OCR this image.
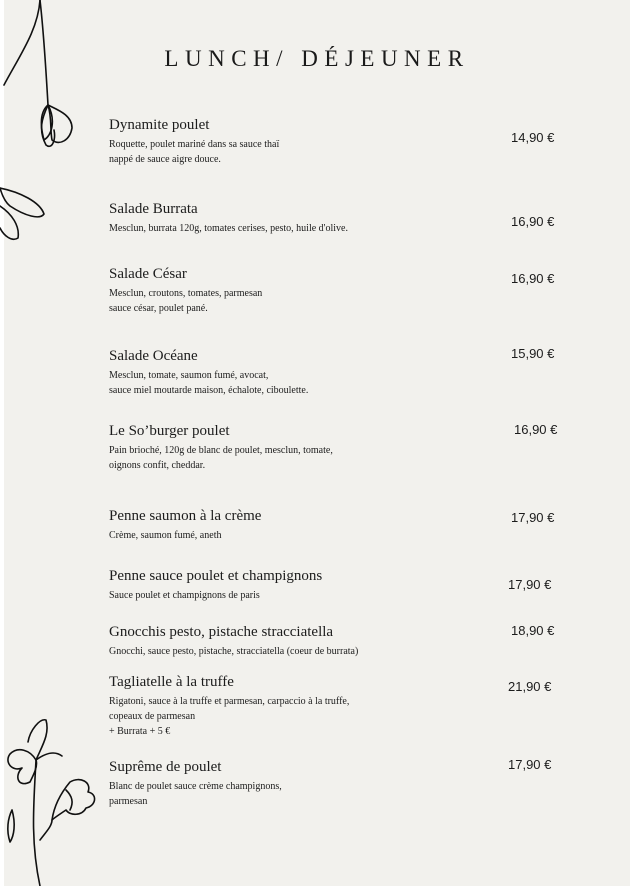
LUNCH/ DÉJEUNER
Dynamite poulet
Roquette, poulet mariné dans sa sauce thaï
nappé de sauce aigre douce.
14,90 €
Salade Burrata
Mesclun, burrata 120g, tomates cerises, pesto, huile d'olive.	16,90 €
Salade César
Mesclun, croutons, tomates, parmesan
sauce césar, poulet pané.
16,90 €
Salade Océane
Mesclun, tomate, saumon fumé, avocat,
sauce miel moutarde maison, échalote, ciboulette.
15,90 €
Le So’burger poulet
Pain brioché, 120g de blanc de poulet, mesclun, tomate,
oignons confit, cheddar.
16,90 €
Penne saumon à la crème
Crème, saumon fumé, aneth
17,90 €
Penne sauce poulet et champignons
Sauce poulet et champignons de paris
17,90 €
Gnocchis pesto, pistache stracciatella
Gnocchi, sauce pesto, pistache, stracciatella (coeur de burrata)
18,90 €
Tagliatelle à la truffe
Rigatoni, sauce à la truffe et parmesan, carpaccio à la truffe,
copeaux de parmesan
+ Burrata + 5 €
21,90 €
Suprême de poulet
Blanc de poulet sauce crème champignons,
parmesan
17,90 €
